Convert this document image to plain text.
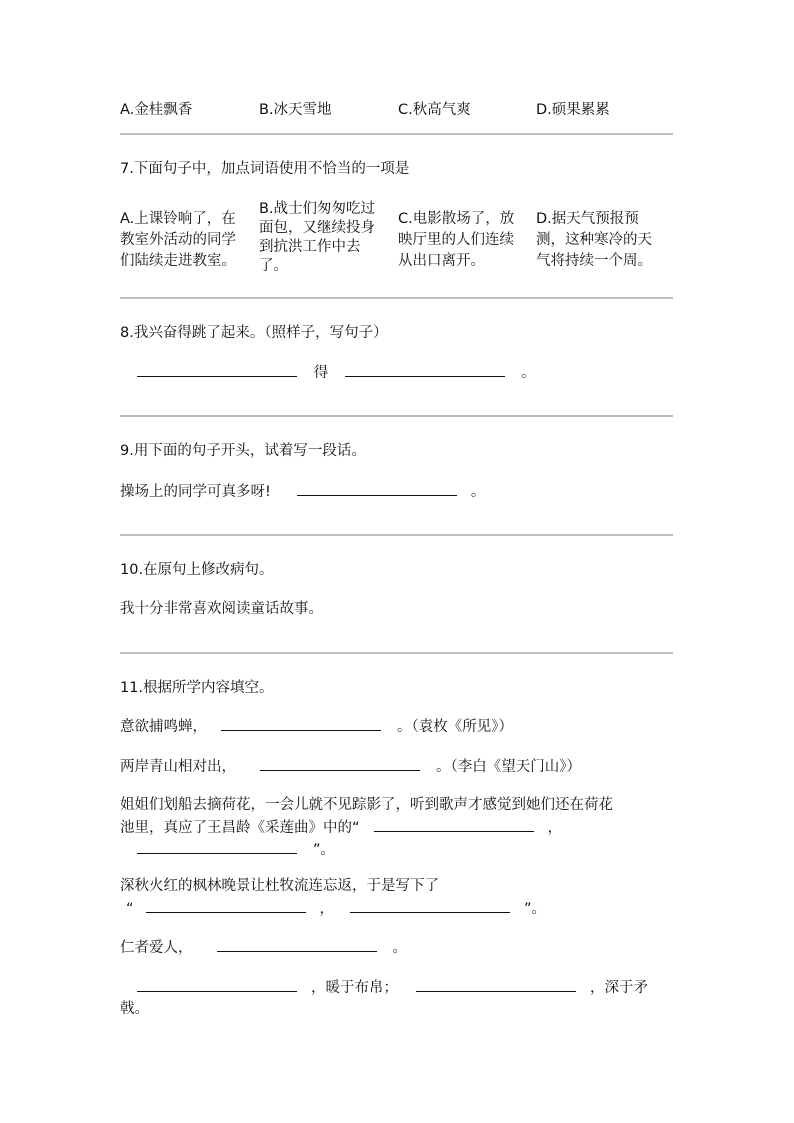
A.金桂飘香	B.冰天雪地	C.秋高气爽	D.硕果累累
7.下面句子中，加点词语使用不恰当的一项是
A.上课铃响了，在
教室外活动的同学
们陆续走进教室。
B.战士们匆匆吃过
面包，又继续投身
到抗洪工作中去
了。
C.电影散场了，放
映厅里的人们连续
从出口离开。
D.据天气预报预
测，这种寒冷的天
气将持续一个周。
8.我兴奋得跳了起来。（照样子，写句子）
得	。
9.用下面的句子开头，试着写一段话。
操场上的同学可真多呀!	。
10.在原句上修改病句。
我十分非常喜欢阅读童话故事。
11.根据所学内容填空。
意欲捕鸣蝉，	。（袁枚《所见》）
两岸青山相对出，	。（李白《望天门山》）
姐姐们划船去摘荷花，一会儿就不见踪影了，听到歌声才感觉到她们还在荷花
池里，真应了王昌龄《采莲曲》中的“	，
”。
深秋火红的枫林晚景让杜牧流连忘返，于是写下了
“	，	”。
仁者爱人，	。
，暖于布帛；	，深于矛
戟。
